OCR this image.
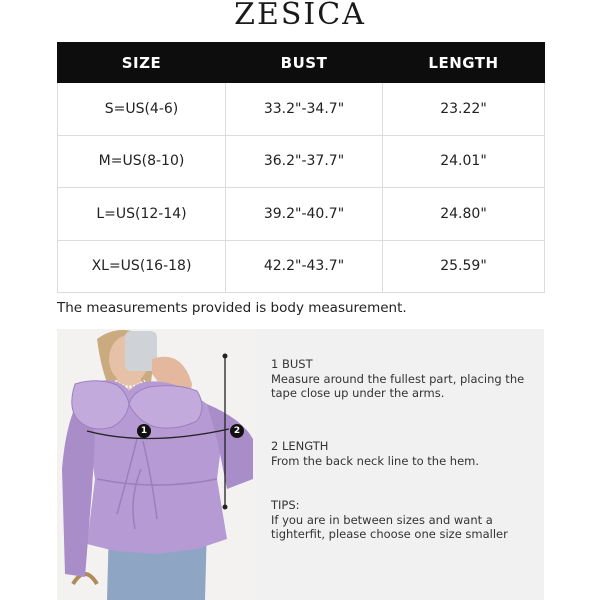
ZESICA
SIZE	BUST	LENGTH
S=US(4-6)	33.2"-34.7"	23.22"
M=US(8-10)	36.2"-37.7"	24.01"
L=US(12-14)	39.2"-40.7"	24.80"
XL=US(16-18)	42.2"-43.7"	25.59"
The measurements provided is body measurement.
1	2
1 BUST
Measure around the fullest part, placing the tape close up under the arms.
2 LENGTH
From the back neck line to the hem.
TIPS:
If you are in between sizes and want a tighterfit, please choose one size smaller
